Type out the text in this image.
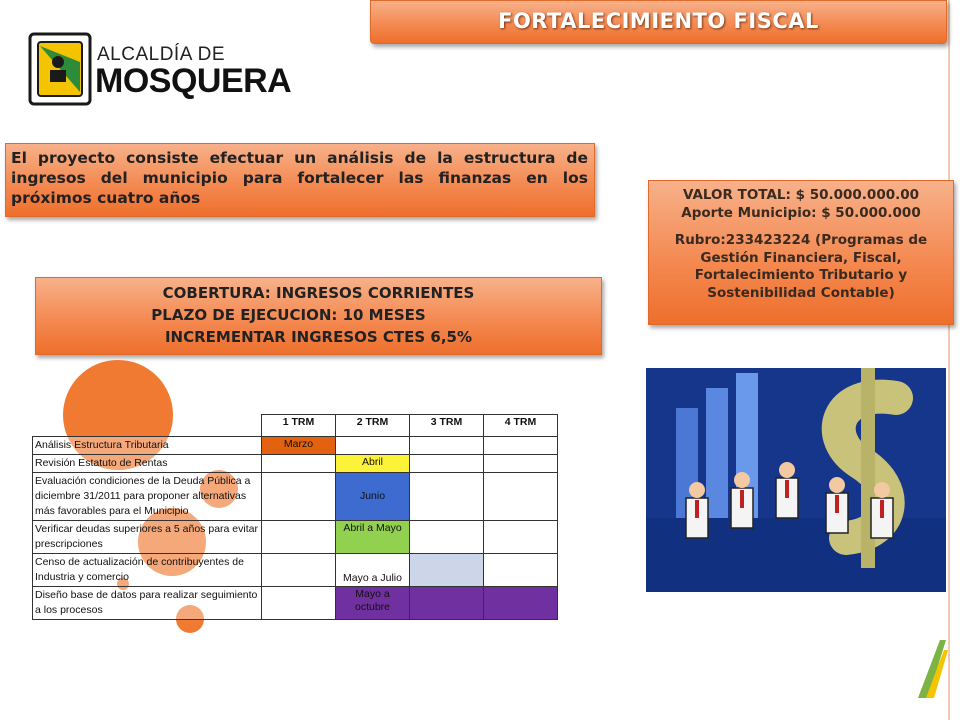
FORTALECIMIENTO FISCAL
ALCALDÍA DE
MOSQUERA
El proyecto consiste efectuar un análisis de la estructura de ingresos del municipio para fortalecer las finanzas en los próximos cuatro años	VALOR TOTAL: $ 50.000.000.00
Aporte Municipio: $ 50.000.000
Rubro:233423224 (Programas de Gestión Financiera, Fiscal, Fortalecimiento Tributario y Sostenibilidad Contable)
COBERTURA: INGRESOS CORRIENTES
PLAZO DE EJECUCION: 10 MESES
INCREMENTAR INGRESOS CTES 6,5%
	1 TRM	2 TRM	3 TRM	4 TRM
Análisis Estructura Tributaria	Marzo			
Revisión Estatuto de Rentas		Abril		
Evaluación condiciones de la Deuda Pública a diciembre 31/2011 para proponer alternativas más favorables para el Municipio		Junio		
Verificar deudas superiores a 5 años para evitar prescripciones		Abril a Mayo		
Censo de actualización de contribuyentes de Industria y comercio		Mayo a Julio		
Diseño base de datos para realizar seguimiento a los procesos		Mayo a octubre		
